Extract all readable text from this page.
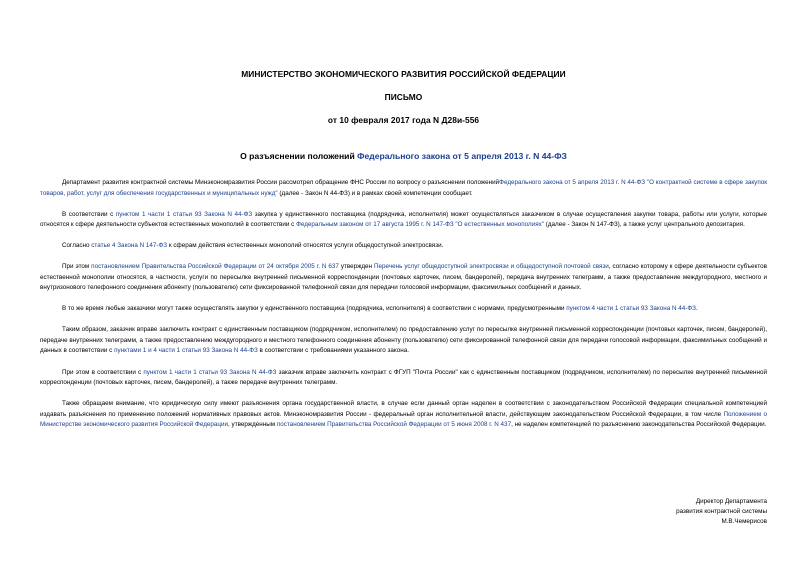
МИНИСТЕРСТВО ЭКОНОМИЧЕСКОГО РАЗВИТИЯ РОССИЙСКОЙ ФЕДЕРАЦИИ
ПИСЬМО
от 10 февраля 2017 года N Д28и-556
О разъяснении положений Федерального закона от 5 апреля 2013 г. N 44-ФЗ

Департамент развития контрактной системы Минэкономразвития России рассмотрел обращение ФНС России по вопросу о разъяснении положенийФедерального закона от 5 апреля 2013 г. N 44-ФЗ "О контрактной системе в сфере закупок товаров, работ, услуг для обеспечения государственных и муниципальных нужд" (далее - Закон N 44-ФЗ) и в рамках своей компетенции сообщает.

В соответствии с пунктом 1 части 1 статьи 93 Закона N 44-ФЗ закупка у единственного поставщика (подрядчика, исполнителя) может осуществляться заказчиком в случае осуществления закупки товара, работы или услуги, которые относятся к сфере деятельности субъектов естественных монополий в соответствии с Федеральным законом от 17 августа 1995 г. N 147-ФЗ "О естественных монополиях" (далее - Закон N 147-ФЗ), а также услуг центрального депозитария.

Согласно статье 4 Закона N 147-ФЗ к сферам действия естественных монополий относятся услуги общедоступной электросвязи.

При этом постановлением Правительства Российской Федерации от 24 октября 2005 г. N 637 утвержден Перечень услуг общедоступной электросвязи и общедоступной почтовой связи, согласно которому к сфере деятельности субъектов естественной монополии относятся, в частности, услуги по пересылке внутренней письменной корреспонденции (почтовых карточек, писем, бандеролей), передача внутренних телеграмм, а также предоставление междугородного, местного и внутризонового телефонного соединения абоненту (пользователю) сети фиксированной телефонной связи для передачи голосовой информации, факсимильных сообщений и данных.

В то же время любые заказчики могут также осуществлять закупки у единственного поставщика (подрядчика, исполнителя) в соответствии с нормами, предусмотренными пунктом 4 части 1 статьи 93 Закона N 44-ФЗ.

Таким образом, заказчик вправе заключить контракт с единственным поставщиком (подрядчиком, исполнителем) по предоставлению услуг по пересылке внутренней письменной корреспонденции (почтовых карточек, писем, бандеролей), передаче внутренних телеграмм, а также предоставлению междугородного и местного телефонного соединения абоненту (пользователю) сети фиксированной телефонной связи для передачи голосовой информации, факсимильных сообщений и данных в соответствии с пунктами 1 и 4 части 1 статьи 93 Закона N 44-ФЗ в соответствии с требованиями указанного закона.

При этом в соответствии с пунктом 1 части 1 статьи 93 Закона N 44-ФЗ заказчик вправе заключить контракт с ФГУП "Почта России" как с единственным поставщиком (подрядчиком, исполнителем) по пересылке внутренней письменной корреспонденции (почтовых карточек, писем, бандеролей), а также передаче внутренних телеграмм.

Также обращаем внимание, что юридическую силу имеют разъяснения органа государственной власти, в случае если данный орган наделен в соответствии с законодательством Российской Федерации специальной компетенцией издавать разъяснения по применению положений нормативных правовых актов. Минэкономразвития России - федеральный орган исполнительной власти, действующим законодательством Российской Федерации, в том числе Положением о Министерстве экономического развития Российской Федерации, утвержденным постановлением Правительства Российской Федерации от 5 июня 2008 г. N 437, не наделен компетенцией по разъяснению законодательства Российской Федерации.

Директор Департамента
развития контрактной системы
М.В.Чемерисов
